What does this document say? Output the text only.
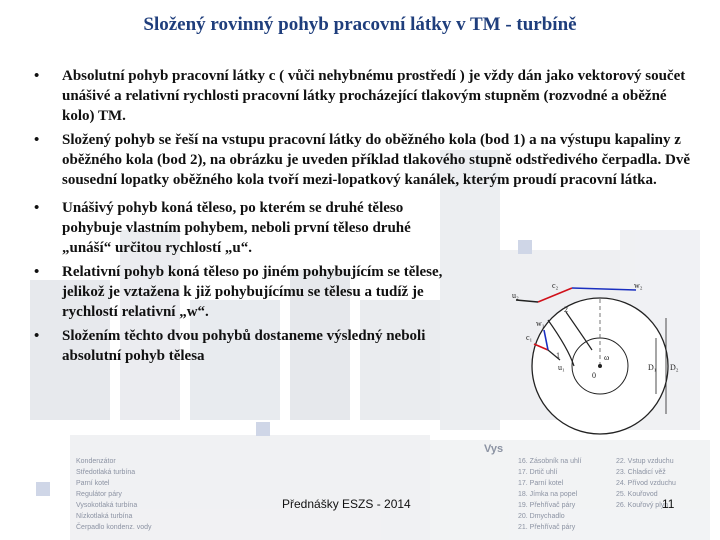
Vys
Kondenzátor
Středotlaká turbína
Parní kotel
Regulátor páry
Vysokotlaká turbína
Nízkotlaká turbína
Čerpadlo kondenz. vody
16. Zásobník na uhlí
17. Drtič uhlí
17. Parní kotel
18. Jímka na popel
19. Přehřívač páry
20. Dmychadlo
21. Přehřívač páry
22. Vstup vzduchu
23. Chladicí věž
24. Přívod vzduchu
25. Kouřovod
26. Kouřový plyn
c₂	w₂
u₂
c₁
w₁
u₁
1
2
0
ω
D₁ D₂
Složený rovinný pohyb pracovní látky v TM - turbíně

•	Absolutní pohyb pracovní látky c ( vůči nehybnému prostředí ) je vždy dán jako vektorový součet unášivé a relativní rychlosti pracovní látky procházející tlakovým stupněm (rozvodné a oběžné kolo) TM.

•	Složený pohyb se řeší na vstupu pracovní látky do oběžného kola (bod 1) a na výstupu kapaliny z oběžného kola (bod 2), na obrázku je uveden příklad tlakového stupně odstředivého čerpadla. Dvě sousední lopatky oběžného kola tvoří mezi-lopatkový kanálek, kterým proudí pracovní látka.

•	Unášivý pohyb koná těleso, po kterém se druhé těleso pohybuje vlastním pohybem, neboli první těleso druhé „unáší“ určitou rychlostí „u“.

•	Relativní pohyb koná těleso po jiném pohybujícím se tělese, jelikož je vztažena k již pohybujícímu se tělesu a tudíž je rychlostí relativní „w“.

•	Složením těchto dvou pohybů dostaneme výsledný neboli absolutní pohyb tělesa

Přednášky ESZS - 2014	11
